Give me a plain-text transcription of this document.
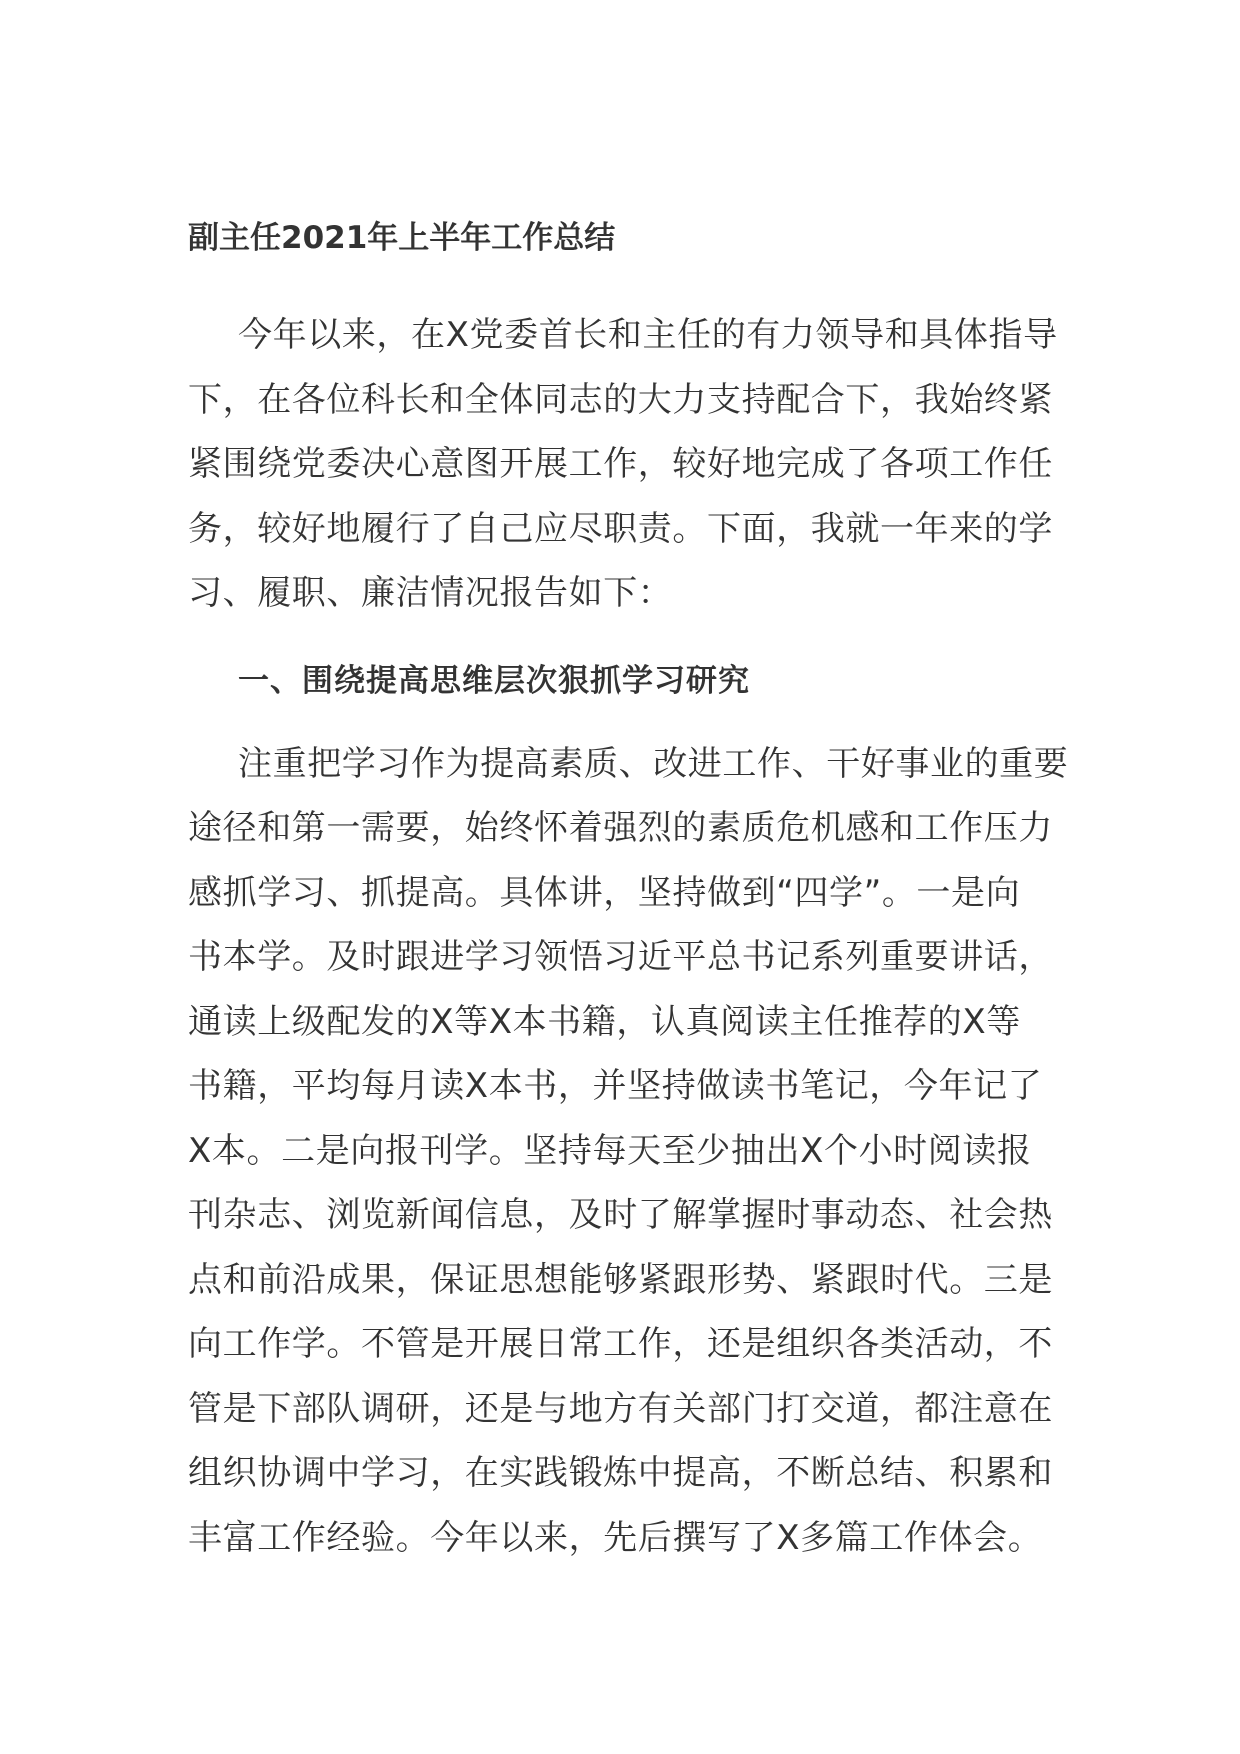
副主任2021年上半年工作总结

今年以来，在X党委首长和主任的有力领导和具体指导
下，在各位科长和全体同志的大力支持配合下，我始终紧
紧围绕党委决心意图开展工作，较好地完成了各项工作任
务，较好地履行了自己应尽职责。下面，我就一年来的学
习、履职、廉洁情况报告如下：

一、围绕提高思维层次狠抓学习研究

注重把学习作为提高素质、改进工作、干好事业的重要
途径和第一需要，始终怀着强烈的素质危机感和工作压力
感抓学习、抓提高。具体讲，坚持做到“四学”。一是向
书本学。及时跟进学习领悟习近平总书记系列重要讲话，
通读上级配发的X等X本书籍，认真阅读主任推荐的X等
书籍，平均每月读X本书，并坚持做读书笔记，今年记了
X本。二是向报刊学。坚持每天至少抽出X个小时阅读报
刊杂志、浏览新闻信息，及时了解掌握时事动态、社会热
点和前沿成果，保证思想能够紧跟形势、紧跟时代。三是
向工作学。不管是开展日常工作，还是组织各类活动，不
管是下部队调研，还是与地方有关部门打交道，都注意在
组织协调中学习，在实践锻炼中提高，不断总结、积累和
丰富工作经验。今年以来，先后撰写了X多篇工作体会。
